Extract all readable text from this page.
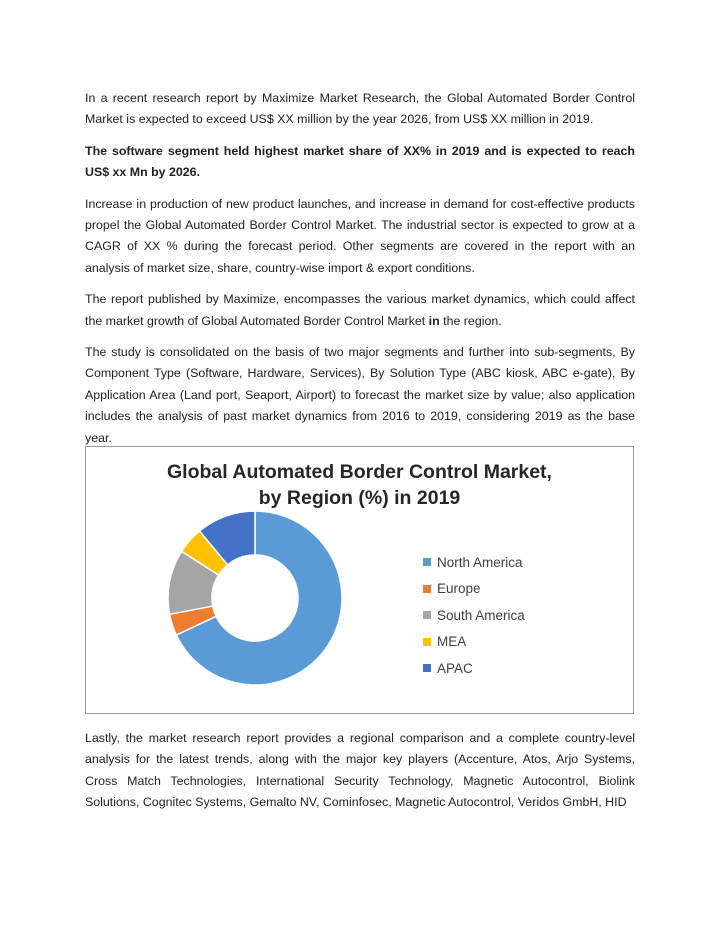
In a recent research report by Maximize Market Research, the Global Automated Border Control Market is expected to exceed US$ XX million by the year 2026, from US$ XX million in 2019.

The software segment held highest market share of XX% in 2019 and is expected to reach US$ xx Mn by 2026.

Increase in production of new product launches, and increase in demand for cost-effective products propel the Global Automated Border Control Market. The industrial sector is expected to grow at a CAGR of XX % during the forecast period. Other segments are covered in the report with an analysis of market size, share, country-wise import & export conditions.

The report published by Maximize, encompasses the various market dynamics, which could affect the market growth of Global Automated Border Control Market in the region.

The study is consolidated on the basis of two major segments and further into sub-segments, By Component Type (Software, Hardware, Services), By Solution Type (ABC kiosk, ABC e-gate), By Application Area (Land port, Seaport, Airport) to forecast the market size by value; also application includes the analysis of past market dynamics from 2016 to 2019, considering 2019 as the base year.

Global Automated Border Control Market,
by Region (%) in 2019
North America
Europe
South America
MEA
APAC

Lastly, the market research report provides a regional comparison and a complete country-level analysis for the latest trends, along with the major key players (Accenture, Atos, Arjo Systems, Cross Match Technologies, International Security Technology, Magnetic Autocontrol, Biolink Solutions, Cognitec Systems, Gemalto NV, Cominfosec, Magnetic Autocontrol, Veridos GmbH, HID
